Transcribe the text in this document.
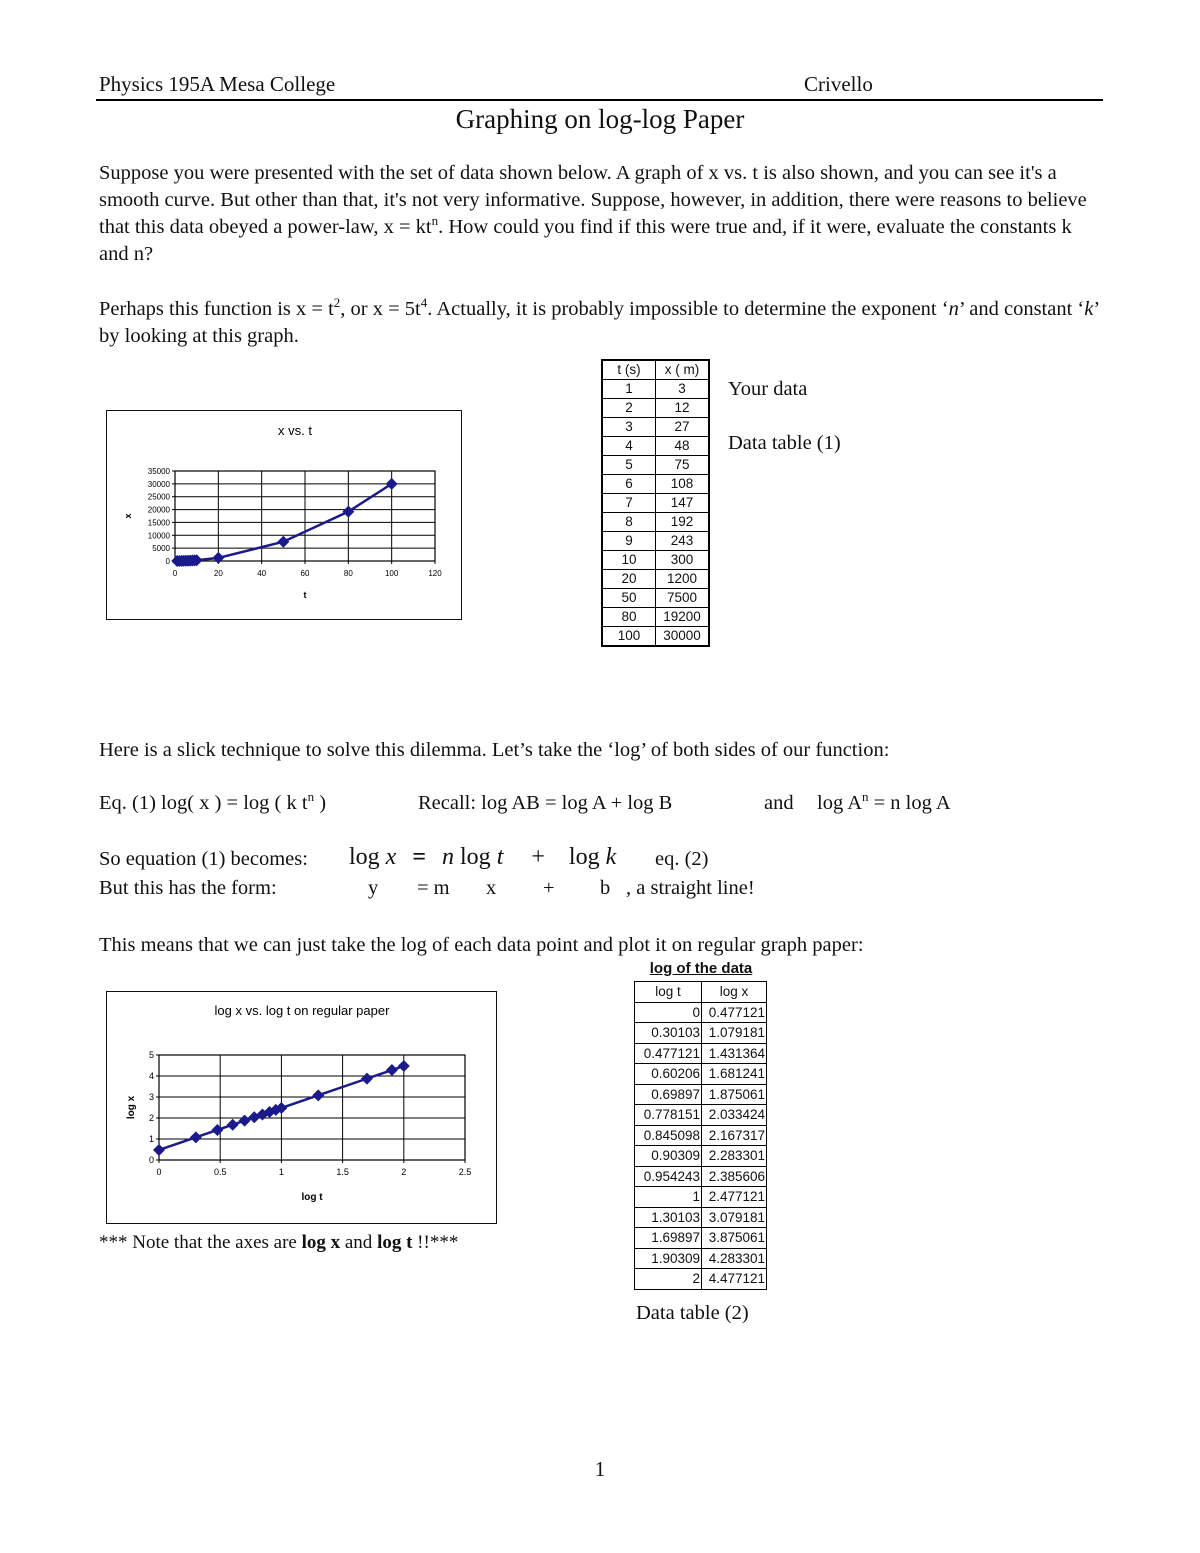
Physics 195A Mesa College	Crivello
Graphing on log-log Paper

Suppose you were presented with the set of data shown below. A graph of x vs. t is also shown, and you can see it's a smooth curve. But other than that, it's not very informative. Suppose, however, in addition, there were reasons to believe that this data obeyed a power-law, $x = kt^n$. How could you find if this were true and, if it were, evaluate the constants k and n?

Perhaps this function is $x = t^2$, or $x = 5t^4$. Actually, it is probably impossible to determine the exponent ‘n’ and constant ‘k’ by looking at this graph.

x vs. t
0
5000
10000
15000
20000
25000
30000
35000
0	20	40	60	80	100	120
t
x
t (s)	x ( m)
1	3
2	12
3	27
4	48
5	75
6	108
7	147
8	192
9	243
10	300
20	1200
50	7500
80	19200
100	30000
Your data
Data table (1)
Here is a slick technique to solve this dilemma. Let’s take the ‘log’ of both sides of our function:
Eq. (1) log( x ) = log ( k $t^n$ )	Recall: log AB = log A + log B	and $\log A^n = n$ log A
So equation (1) becomes: log x = n log t + log k eq. (2)
But this has the form:	y = m x + b , a straight line!
This means that we can just take the log of each data point and plot it on regular graph paper:
log x vs. log t on regular paper
0
1
2
3
4
5
0	0.5	1	1.5	2	2.5
log t
log x
*** Note that the axes are log x and log t !!***
log of the data
log t	log x
0	0.477121
0.30103	1.079181
0.477121	1.431364
0.60206	1.681241
0.69897	1.875061
0.778151	2.033424
0.845098	2.167317
0.90309	2.283301
0.954243	2.385606
1	2.477121
1.30103	3.079181
1.69897	3.875061
1.90309	4.283301
2	4.477121
Data table (2)
1
